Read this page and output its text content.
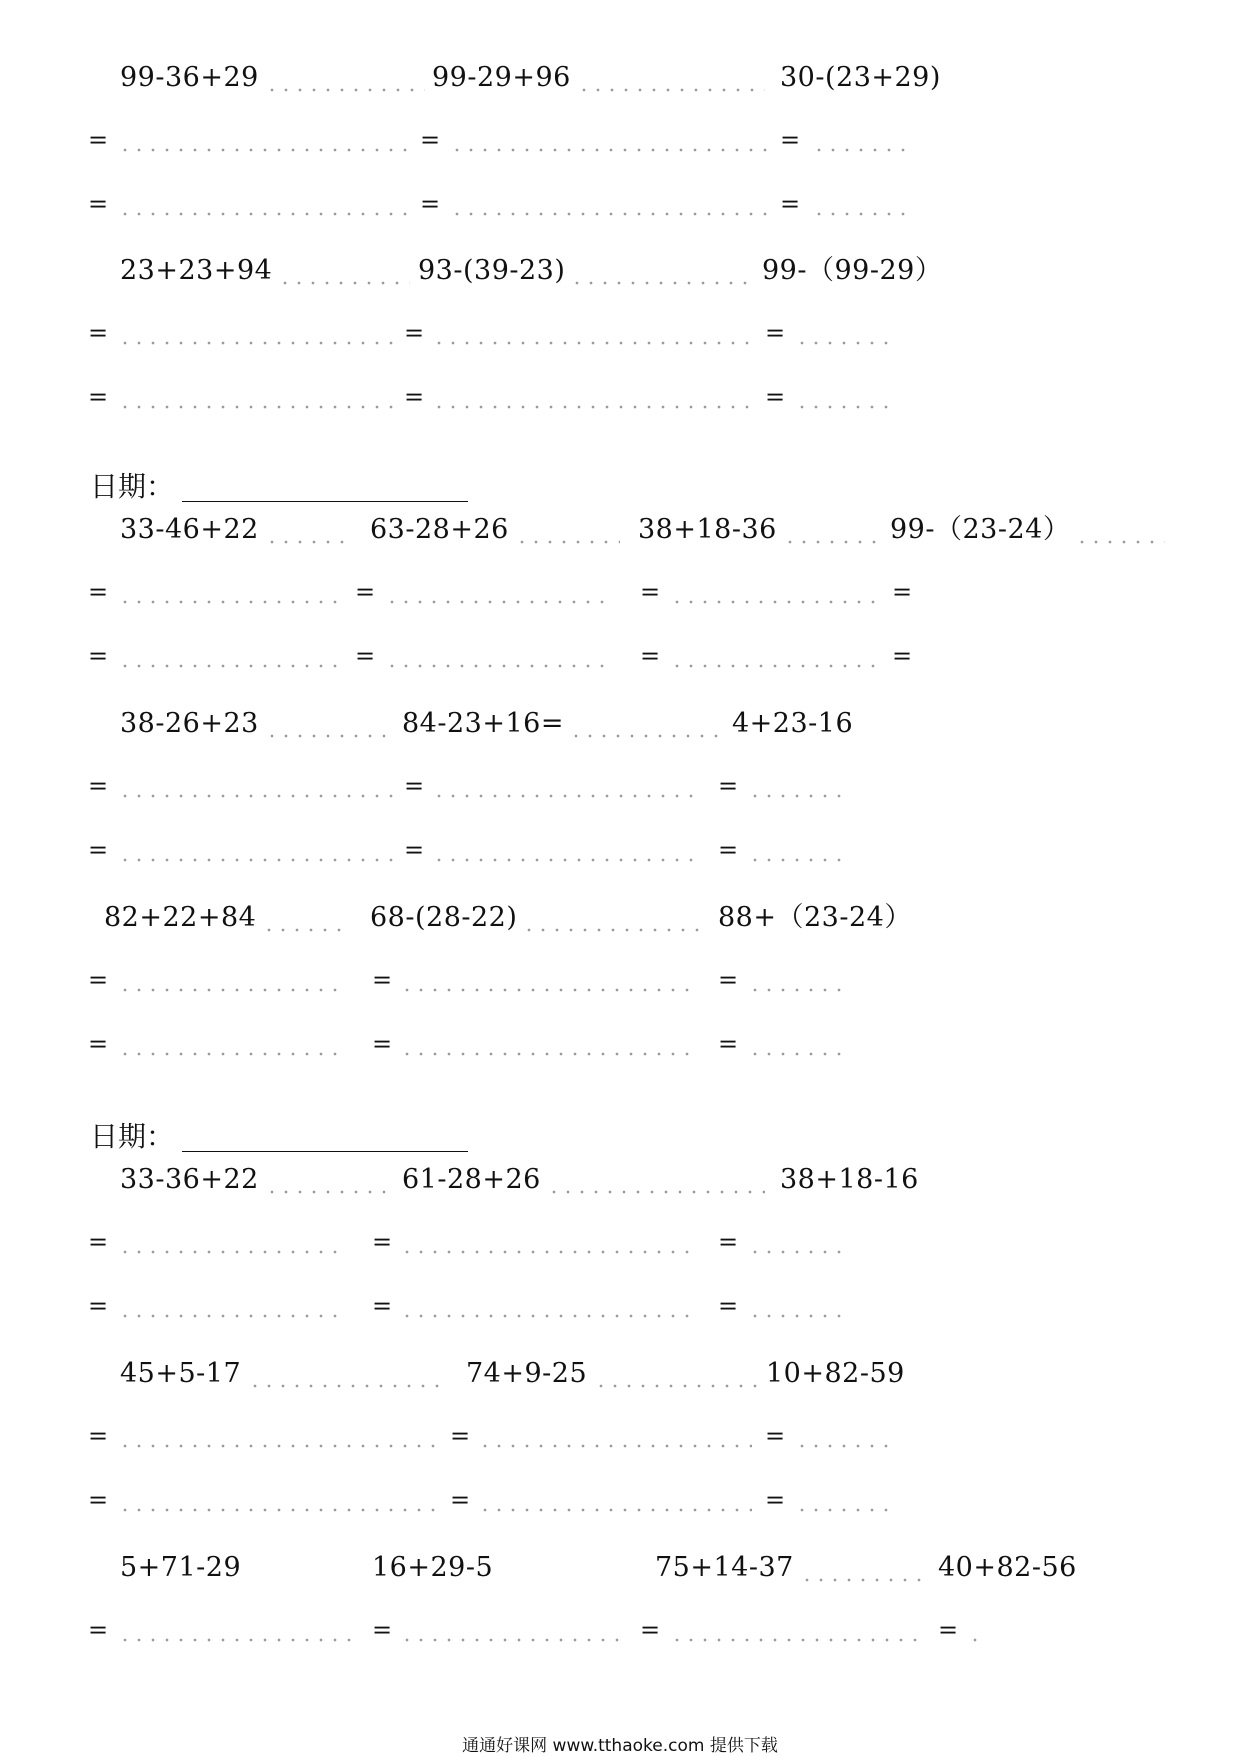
99-36+29
=
=
99-29+96
=
=
30-(23+29)
=
=
23+23+94
=
=
93-(39-23)
=
=
99-（99-29）
=
=
日期：
33-46+22
=
=
63-28+26
=
=
38+18-36
=
=
99-（23-24）
=
=
38-26+23
=
=
84-23+16=
=
=
4+23-16
=
=
82+22+84
=
=
68-(28-22)
=
=
88+（23-24）
=
=
日期：
33-36+22
=
=
61-28+26
=
=
38+18-16
=
=
45+5-17
=
=
74+9-25
=
=
10+82-59
=
=
5+71-29
=
16+29-5
=
75+14-37
=
40+82-56
=
通通好课网 www.tthaoke.com 提供下载
